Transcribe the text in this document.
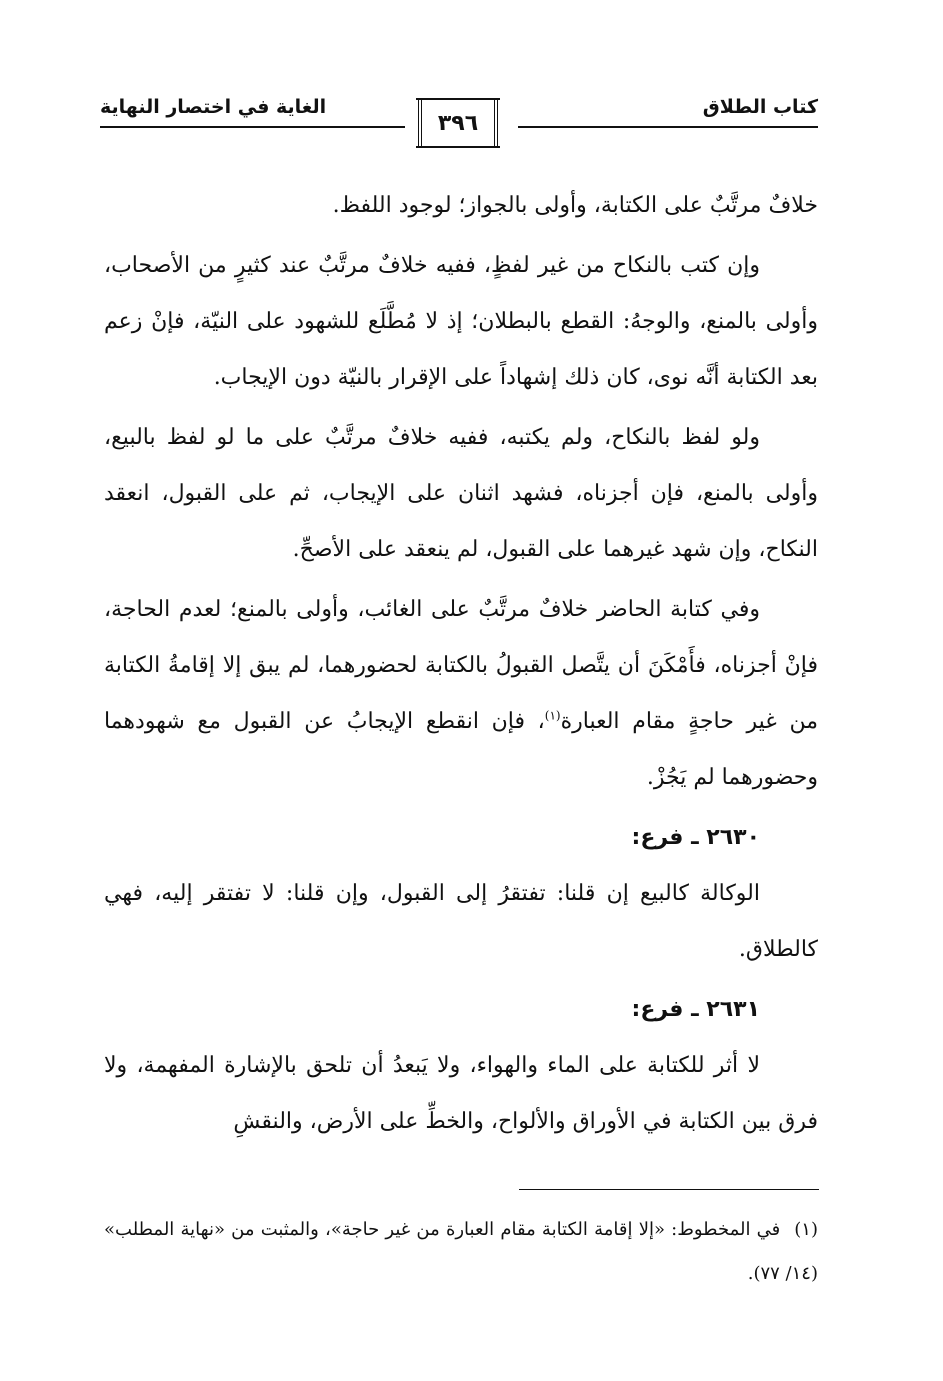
كتاب الطلاق
٣٩٦
الغاية في اختصار النهاية

خلافٌ مرتَّبٌ على الكتابة، وأولى بالجواز؛ لوجود اللفظ.

وإن كتب بالنكاح من غير لفظٍ، ففيه خلافٌ مرتَّبٌ عند كثيرٍ من الأصحاب، وأولى بالمنع، والوجهُ: القطع بالبطلان؛ إذ لا مُطَّلَع للشهود على النيّة، فإنْ زعم بعد الكتابة أنَّه نوى، كان ذلك إشهاداً على الإقرار بالنيّة دون الإيجاب.

ولو لفظ بالنكاح، ولم يكتبه، ففيه خلافٌ مرتَّبٌ على ما لو لفظ بالبيع، وأولى بالمنع، فإن أجزناه، فشهد اثنان على الإيجاب، ثم على القبول، انعقد النكاح، وإن شهد غيرهما على القبول، لم ينعقد على الأصحِّ.

وفي كتابة الحاضر خلافٌ مرتَّبٌ على الغائب، وأولى بالمنع؛ لعدم الحاجة، فإنْ أجزناه، فأَمْكَنَ أن يتَّصل القبولُ بالكتابة لحضورهما، لم يبق إلا إقامةُ الكتابة من غير حاجةٍ مقام العبارة$^{(١)}$، فإن انقطع الإيجابُ عن القبول مع شهودهما وحضورهما لم يَجُزْ.

٢٦٣٠ ـ فرع:

الوكالة كالبيع إن قلنا: تفتقرُ إلى القبول، وإن قلنا: لا تفتقر إليه، فهي كالطلاق.

٢٦٣١ ـ فرع:

لا أثر للكتابة على الماء والهواء، ولا يَبعدُ أن تلحق بالإشارة المفهمة، ولا فرق بين الكتابة في الأوراق والألواح، والخطِّ على الأرض، والنقشِ

(١)في المخطوط: «إلا إقامة الكتابة مقام العبارة من غير حاجة»، والمثبت من «نهاية المطلب» (١٤/ ٧٧).
